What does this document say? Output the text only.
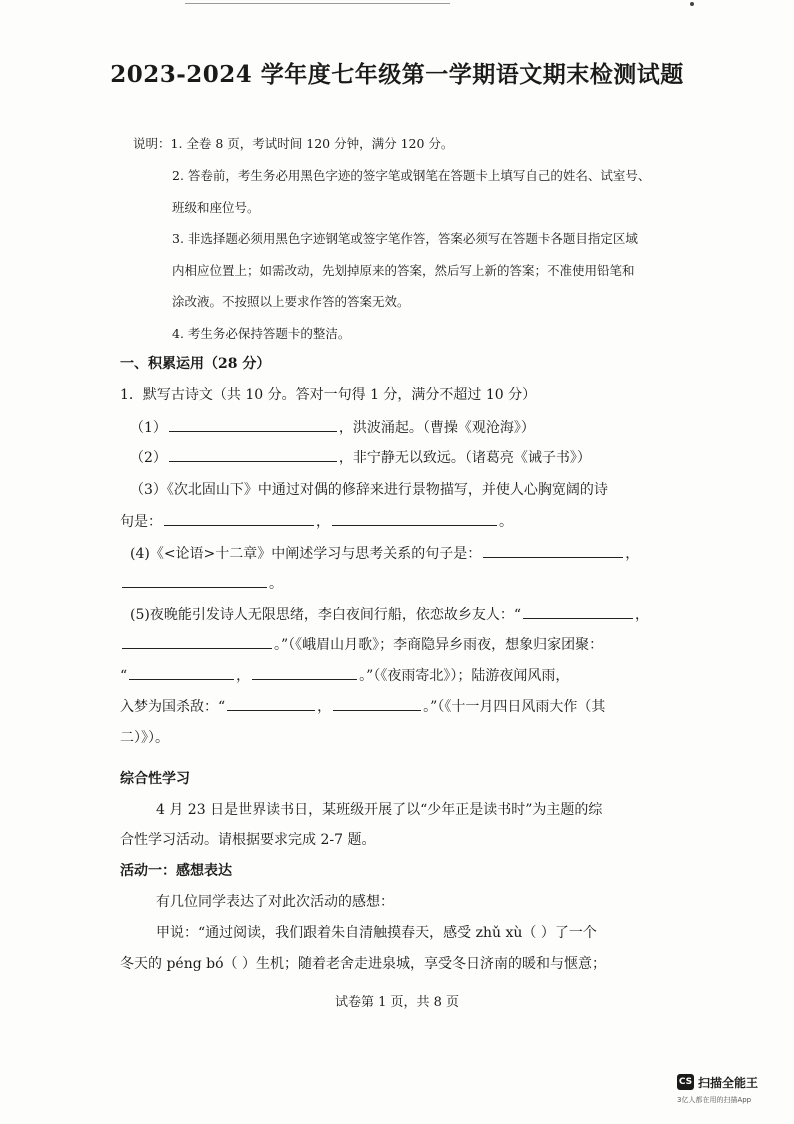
2023-2024 学年度七年级第一学期语文期末检测试题
说明：1. 全卷 8 页，考试时间 120 分钟，满分 120 分。
2. 答卷前，考生务必用黑色字迹的签字笔或钢笔在答题卡上填写自己的姓名、试室号、
班级和座位号。
3. 非选择题必须用黑色字迹钢笔或签字笔作答，答案必须写在答题卡各题目指定区域
内相应位置上；如需改动，先划掉原来的答案，然后写上新的答案；不准使用铅笔和
涂改液。不按照以上要求作答的答案无效。
4. 考生务必保持答题卡的整洁。
一、积累运用（28 分）
1．默写古诗文（共 10 分。答对一句得 1 分，满分不超过 10 分）
（1）	，洪波涌起。（曹操《观沧海》）
（2）	，非宁静无以致远。（诸葛亮《诫子书》）
（3）《次北固山下》中通过对偶的修辞来进行景物描写，并使人心胸宽阔的诗
句是：	，	。
(4)《<论语>十二章》中阐述学习与思考关系的句子是：	，
。
(5)夜晚能引发诗人无限思绪，李白夜间行船，依恋故乡友人：“	，
。”（《峨眉山月歌》；李商隐异乡雨夜，想象归家团聚：
“	，	。”（《夜雨寄北》）；陆游夜闻风雨，
入梦为国杀敌：“	，	。”（《十一月四日风雨大作（其
二）》）。
综合性学习
4 月 23 日是世界读书日，某班级开展了以“少年正是读书时”为主题的综
合性学习活动。请根据要求完成 2-7 题。
活动一：感想表达
有几位同学表达了对此次活动的感想：
甲说：“通过阅读，我们跟着朱自清触摸春天，感受 zhǔ xù（ ）了一个
冬天的 péng bó（ ）生机；随着老舍走进泉城，享受冬日济南的暖和与惬意；
试卷第 1 页，共 8 页
CS 扫描全能王
3亿人都在用的扫描App
